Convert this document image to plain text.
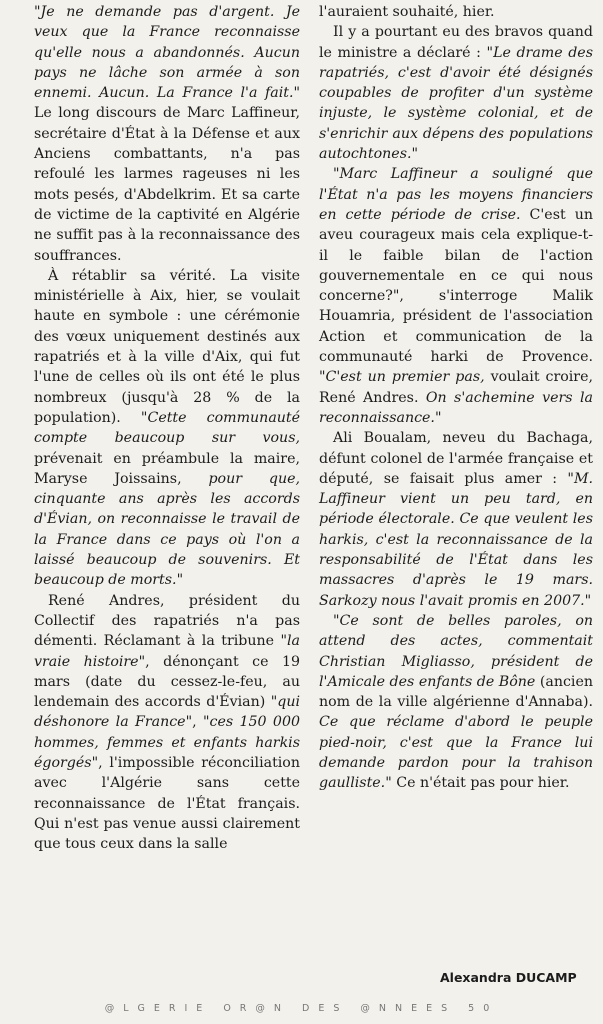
"Je ne demande pas d'argent. Je veux que la France reconnaisse qu'elle nous a abandonnés. Aucun pays ne lâche son armée à son ennemi. Aucun. La France l'a fait." Le long discours de Marc Laffineur, secrétaire d'État à la Défense et aux Anciens combattants, n'a pas refoulé les larmes rageuses ni les mots pesés, d'Abdelkrim. Et sa carte de victime de la captivité en Algérie ne suffit pas à la reconnaissance des souffrances.

À rétablir sa vérité. La visite ministérielle à Aix, hier, se voulait haute en symbole : une cérémonie des vœux uniquement destinés aux rapatriés et à la ville d'Aix, qui fut l'une de celles où ils ont été le plus nombreux (jusqu'à 28 % de la population). "Cette communauté compte beaucoup sur vous, prévenait en préambule la maire, Maryse Joissains, pour que, cinquante ans après les accords d'Évian, on reconnaisse le travail de la France dans ce pays où l'on a laissé beaucoup de souvenirs. Et beaucoup de morts."

René Andres, président du Collectif des rapatriés n'a pas démenti. Réclamant à la tribune "la vraie histoire", dénonçant ce 19 mars (date du cessez-le-feu, au lendemain des accords d'Évian) "qui déshonore la France", "ces 150 000 hommes, femmes et enfants harkis égorgés", l'impossible réconciliation avec l'Algérie sans cette reconnaissance de l'État français. Qui n'est pas venue aussi clairement que tous ceux dans la salle

l'auraient souhaité, hier.

Il y a pourtant eu des bravos quand le ministre a déclaré : "Le drame des rapatriés, c'est d'avoir été désignés coupables de profiter d'un système injuste, le système colonial, et de s'enrichir aux dépens des populations autochtones."

"Marc Laffineur a souligné que l'État n'a pas les moyens financiers en cette période de crise. C'est un aveu courageux mais cela explique-t-il le faible bilan de l'action gouvernementale en ce qui nous concerne?", s'interroge Malik Houamria, président de l'association Action et communication de la communauté harki de Provence. "C'est un premier pas, voulait croire, René Andres. On s'achemine vers la reconnaissance."

Ali Boualam, neveu du Bachaga, défunt colonel de l'armée française et député, se faisait plus amer : "M. Laffineur vient un peu tard, en période électorale. Ce que veulent les harkis, c'est la reconnaissance de la responsabilité de l'État dans les massacres d'après le 19 mars. Sarkozy nous l'avait promis en 2007."

"Ce sont de belles paroles, on attend des actes, commentait Christian Migliasso, président de l'Amicale des enfants de Bône (ancien nom de la ville algérienne d'Annaba). Ce que réclame d'abord le peuple pied-noir, c'est que la France lui demande pardon pour la trahison gaulliste." Ce n'était pas pour hier.

Alexandra DUCAMP
@LGERIE OR@N DES @NNEES 50
